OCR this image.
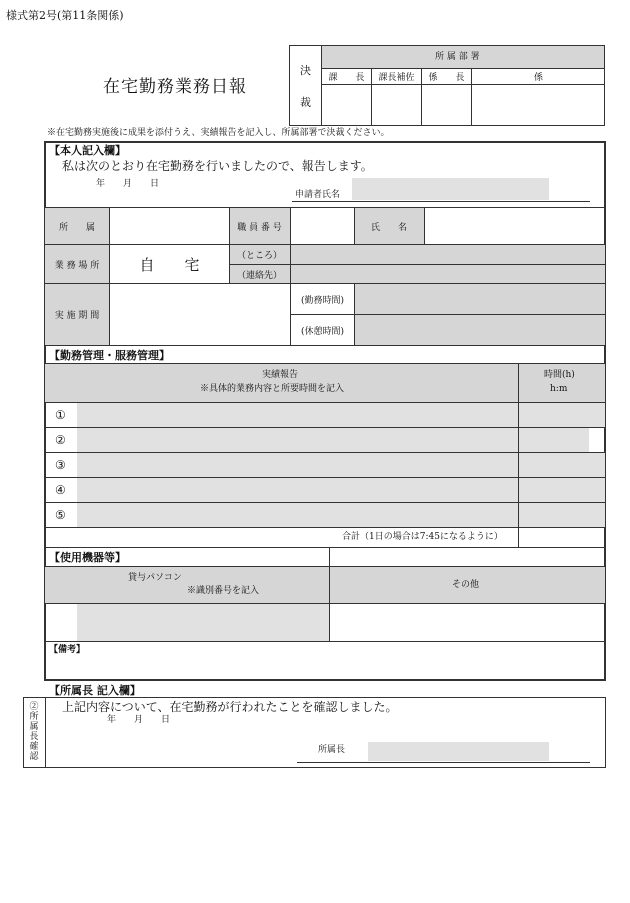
様式第2号(第11条関係)
在宅勤務業務日報
決
裁
所 属 部 署
課　　長	課長補佐	係　　長	係
※在宅勤務実施後に成果を添付うえ、実績報告を記入し、所属部署で決裁ください。
【本人記入欄】
私は次のとおり在宅勤務を行いましたので、報告します。
年　　月　　日
申請者氏名
所　　属	職 員 番 号	氏　　名
業 務 場 所	自　　宅	（ところ）
（連絡先）
実 施 期 間
(勤務時間)
(休憩時間)
【勤務管理・服務管理】
実績報告
※具体的業務内容と所要時間を記入
時間(h)
h:m
①
②
③
④
⑤
合計（1日の場合は7:45になるように）
【使用機器等】
貸与パソコン
※識別番号を記入
その他
【備考】
【所属長 記入欄】
②所属長確認
上記内容について、在宅勤務が行われたことを確認しました。
年　　月　　日
所属長
